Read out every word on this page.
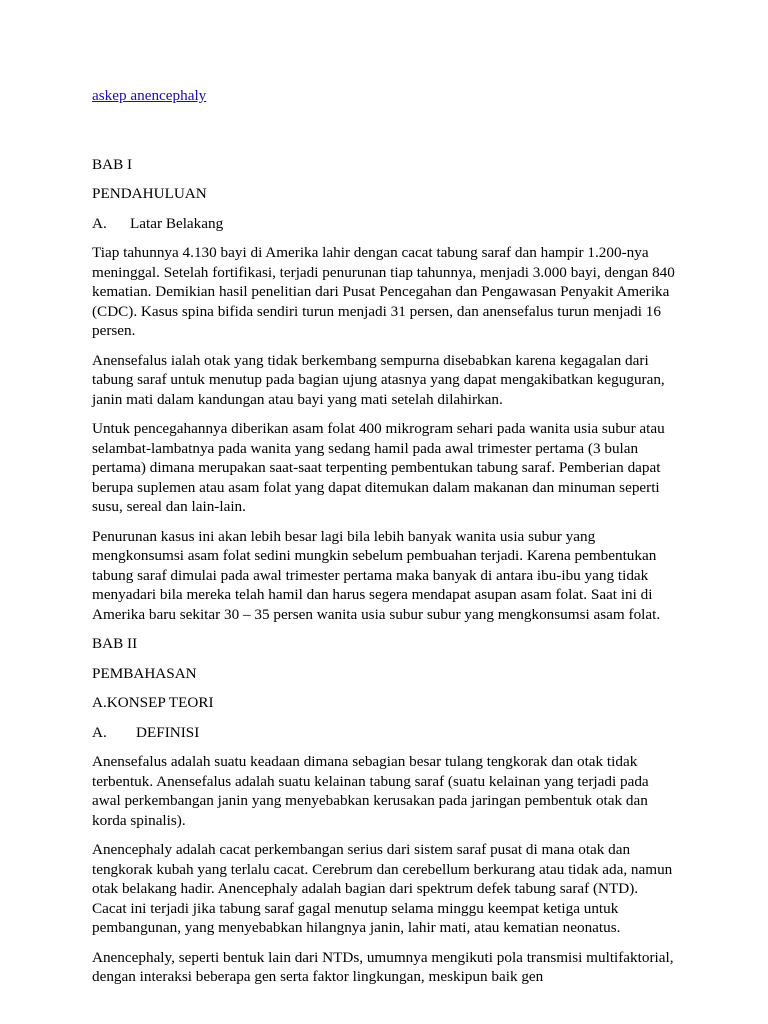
askep anencephaly

BAB I

PENDAHULUAN

A. Latar Belakang

Tiap tahunnya 4.130 bayi di Amerika lahir dengan cacat tabung saraf dan hampir 1.200-nya meninggal. Setelah fortifikasi, terjadi penurunan tiap tahunnya, menjadi 3.000 bayi, dengan 840 kematian. Demikian hasil penelitian dari Pusat Pencegahan dan Pengawasan Penyakit Amerika (CDC). Kasus spina bifida sendiri turun menjadi 31 persen, dan anensefalus turun menjadi 16 persen.

Anensefalus ialah otak yang tidak berkembang sempurna disebabkan karena kegagalan dari tabung saraf untuk menutup pada bagian ujung atasnya yang dapat mengakibatkan keguguran, janin mati dalam kandungan atau bayi yang mati setelah dilahirkan.

Untuk pencegahannya diberikan asam folat 400 mikrogram sehari pada wanita usia subur atau selambat-lambatnya pada wanita yang sedang hamil pada awal trimester pertama (3 bulan pertama) dimana merupakan saat-saat terpenting pembentukan tabung saraf. Pemberian dapat berupa suplemen atau asam folat yang dapat ditemukan dalam makanan dan minuman seperti susu, sereal dan lain-lain.

Penurunan kasus ini akan lebih besar lagi bila lebih banyak wanita usia subur yang mengkonsumsi asam folat sedini mungkin sebelum pembuahan terjadi. Karena pembentukan tabung saraf dimulai pada awal trimester pertama maka banyak di antara ibu-ibu yang tidak menyadari bila mereka telah hamil dan harus segera mendapat asupan asam folat. Saat ini di Amerika baru sekitar 30 – 35 persen wanita usia subur subur yang mengkonsumsi asam folat.

BAB II

PEMBAHASAN

A.KONSEP TEORI

A. DEFINISI

Anensefalus adalah suatu keadaan dimana sebagian besar tulang tengkorak dan otak tidak terbentuk. Anensefalus adalah suatu kelainan tabung saraf (suatu kelainan yang terjadi pada awal perkembangan janin yang menyebabkan kerusakan pada jaringan pembentuk otak dan korda spinalis).

Anencephaly adalah cacat perkembangan serius dari sistem saraf pusat di mana otak dan tengkorak kubah yang terlalu cacat. Cerebrum dan cerebellum berkurang atau tidak ada, namun otak belakang hadir. Anencephaly adalah bagian dari spektrum defek tabung saraf (NTD). Cacat ini terjadi jika tabung saraf gagal menutup selama minggu keempat ketiga untuk pembangunan, yang menyebabkan hilangnya janin, lahir mati, atau kematian neonatus.

Anencephaly, seperti bentuk lain dari NTDs, umumnya mengikuti pola transmisi multifaktorial, dengan interaksi beberapa gen serta faktor lingkungan, meskipun baik gen
